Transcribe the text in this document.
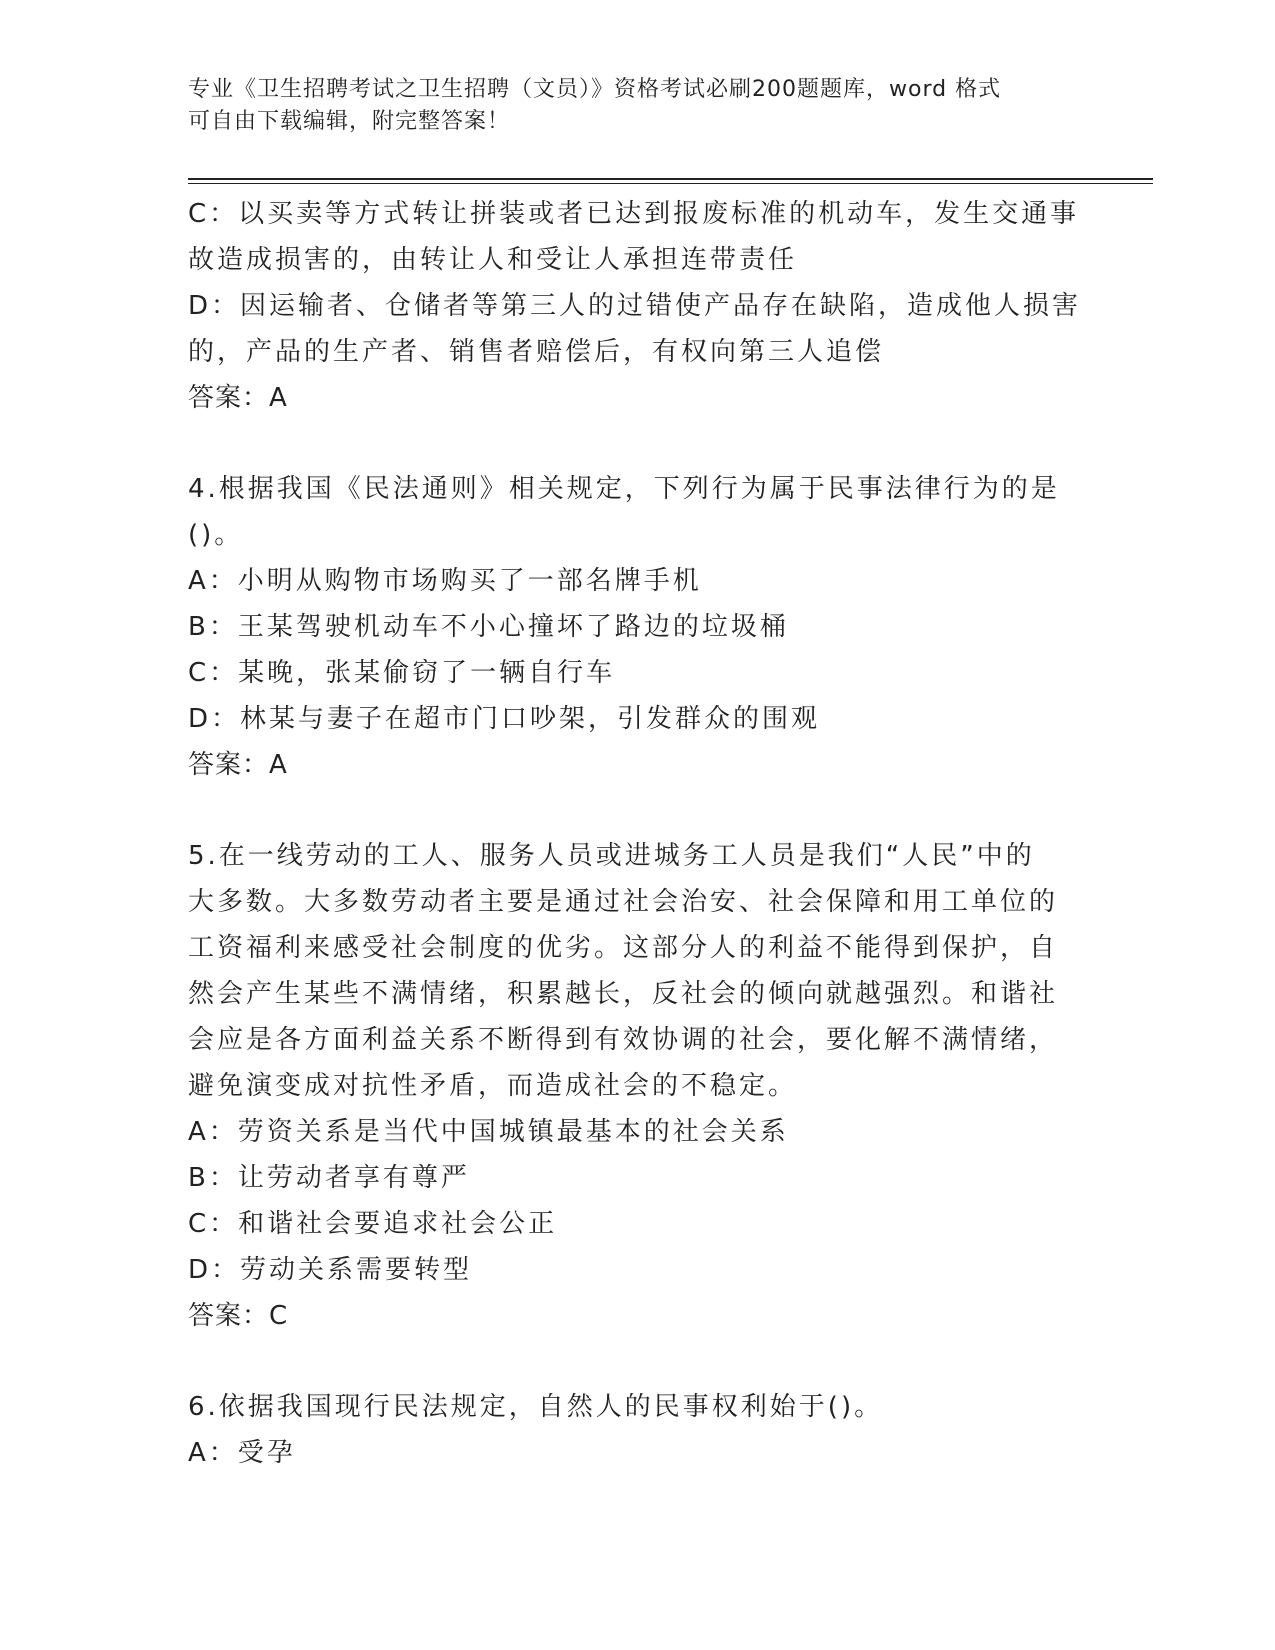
专业《卫生招聘考试之卫生招聘（文员）》资格考试必刷200题题库，word 格式
可自由下载编辑，附完整答案！
C：以买卖等方式转让拼装或者已达到报废标准的机动车，发生交通事
故造成损害的，由转让人和受让人承担连带责任
D：因运输者、仓储者等第三人的过错使产品存在缺陷，造成他人损害
的，产品的生产者、销售者赔偿后，有权向第三人追偿
答案：A
4.根据我国《民法通则》相关规定，下列行为属于民事法律行为的是
()。
A：小明从购物市场购买了一部名牌手机
B：王某驾驶机动车不小心撞坏了路边的垃圾桶
C：某晚，张某偷窃了一辆自行车
D：林某与妻子在超市门口吵架，引发群众的围观
答案：A
5.在一线劳动的工人、服务人员或进城务工人员是我们“人民”中的
大多数。大多数劳动者主要是通过社会治安、社会保障和用工单位的
工资福利来感受社会制度的优劣。这部分人的利益不能得到保护，自
然会产生某些不满情绪，积累越长，反社会的倾向就越强烈。和谐社
会应是各方面利益关系不断得到有效协调的社会，要化解不满情绪，
避免演变成对抗性矛盾，而造成社会的不稳定。
A：劳资关系是当代中国城镇最基本的社会关系
B：让劳动者享有尊严
C：和谐社会要追求社会公正
D：劳动关系需要转型
答案：C
6.依据我国现行民法规定，自然人的民事权利始于()。
A：受孕
